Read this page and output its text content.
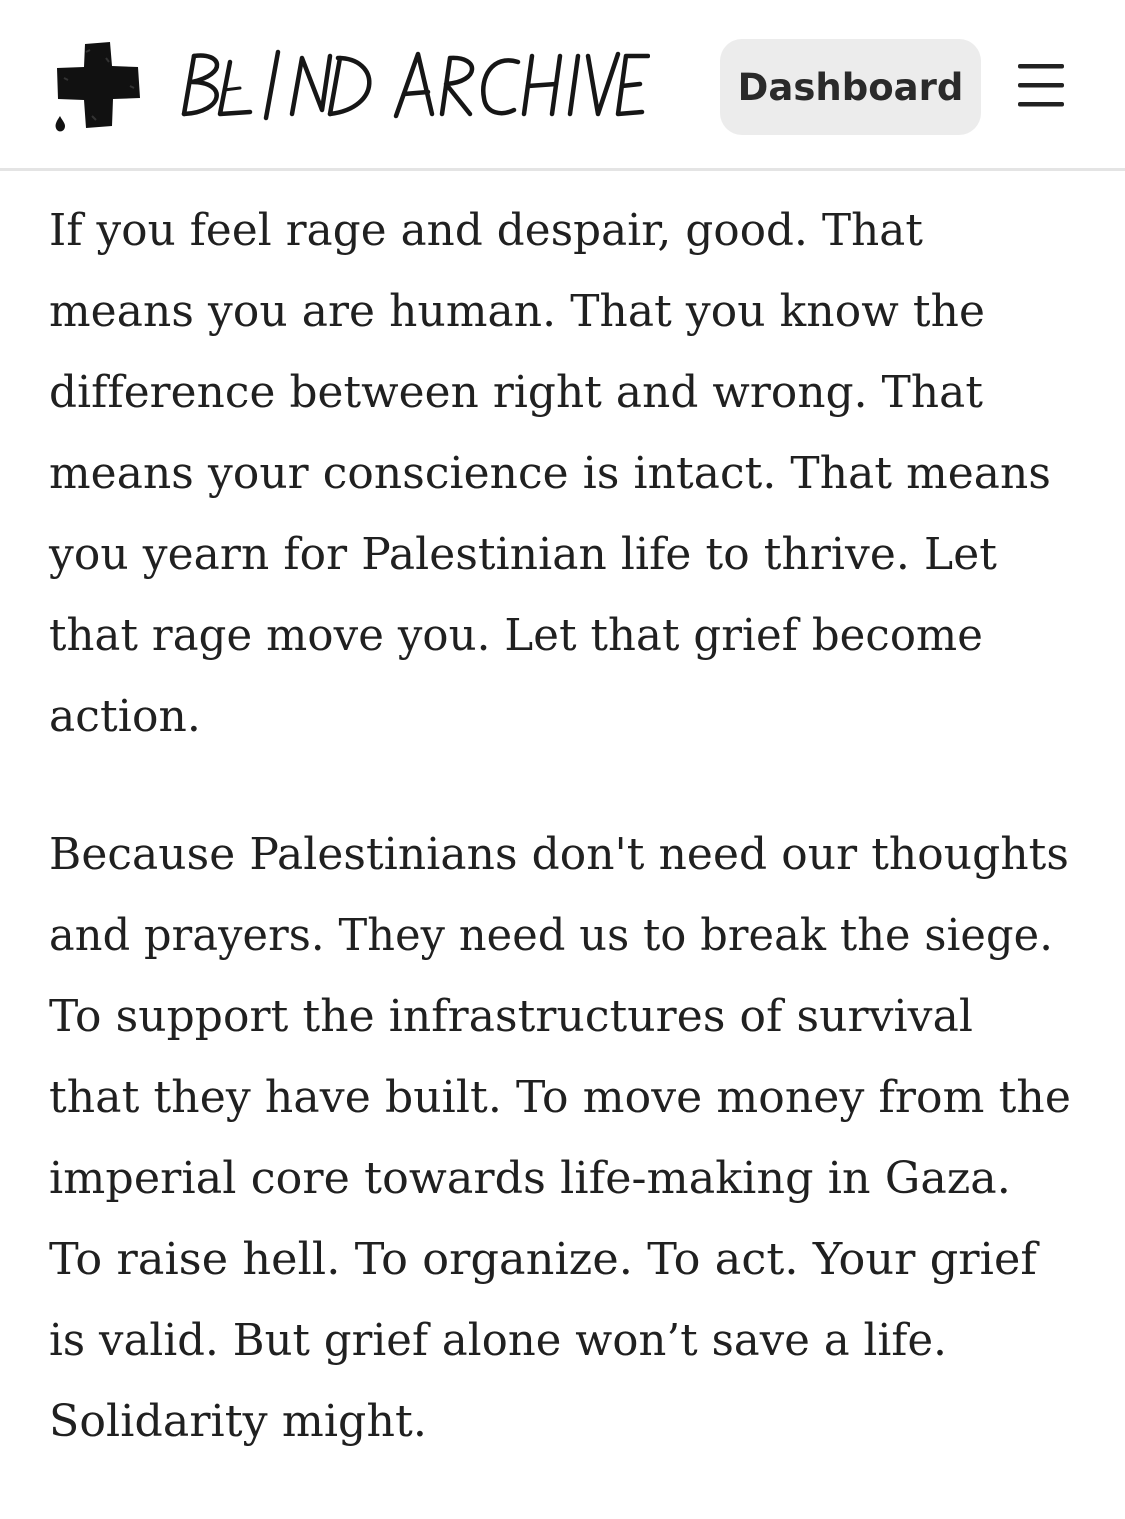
Dashboard

If you feel rage and despair, good. That
means you are human. That you know the
difference between right and wrong. That
means your conscience is intact. That means
you yearn for Palestinian life to thrive. Let
that rage move you. Let that grief become
action.

Because Palestinians don't need our thoughts
and prayers. They need us to break the siege.
To support the infrastructures of survival
that they have built. To move money from the
imperial core towards life-making in Gaza.
To raise hell. To organize. To act. Your grief
is valid. But grief alone won’t save a life.
Solidarity might.
